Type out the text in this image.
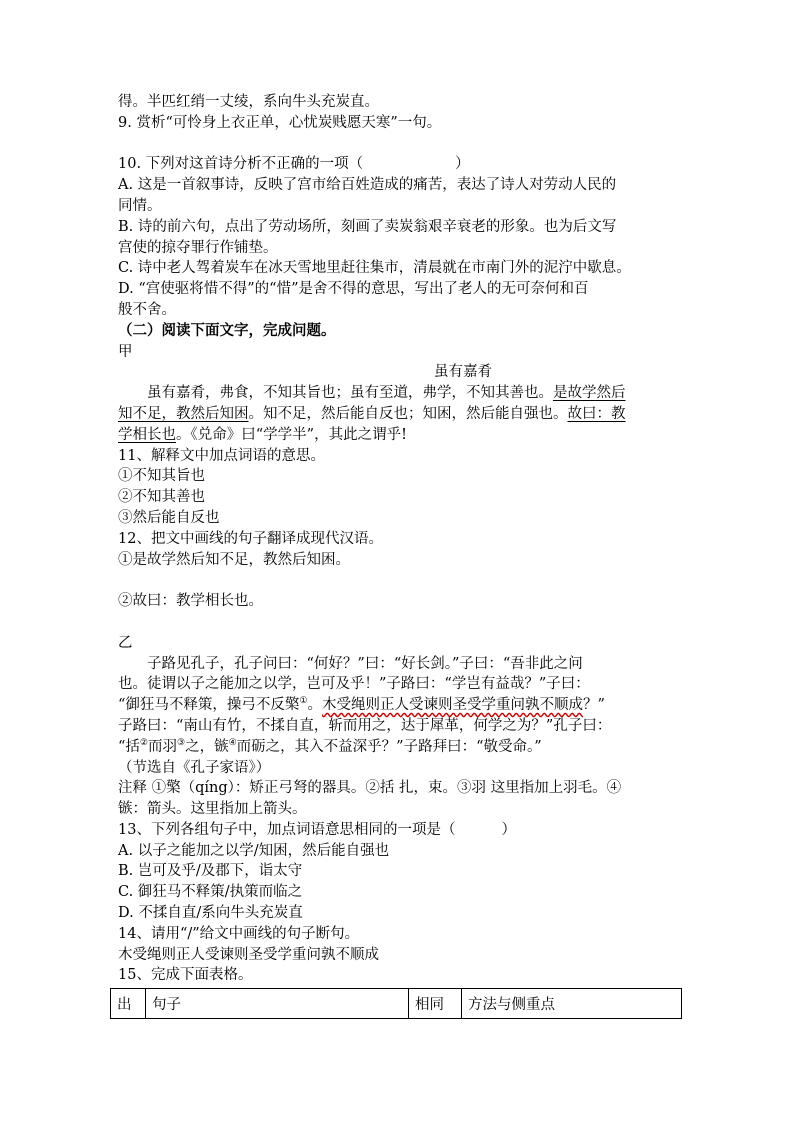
得。半匹红绡一丈绫，系向牛头充炭直。
9. 赏析“可怜身上衣正单，心忧炭贱愿天寒”一句。
10. 下列对这首诗分析不正确的一项（	）
A. 这是一首叙事诗，反映了宫市给百姓造成的痛苦，表达了诗人对劳动人民的
同情。
B. 诗的前六句，点出了劳动场所，刻画了卖炭翁艰辛衰老的形象。也为后文写
宫使的掠夺罪行作铺垫。
C. 诗中老人驾着炭车在冰天雪地里赶往集市，清晨就在市南门外的泥泞中歇息。
D. “宫使驱将惜不得”的“惜”是舍不得的意思，写出了老人的无可奈何和百
般不舍。
（二）阅读下面文字，完成问题。
甲
虽有嘉肴
虽有嘉肴，弗食，不知其旨也；虽有至道，弗学，不知其善也。是故学然后
知不足，教然后知困。知不足，然后能自反也；知困，然后能自强也。故曰：教
学相长也。《兑命》曰“学学半”，其此之谓乎!
11、解释文中加点词语的意思。
①不知其旨也
②不知其善也
③然后能自反也
12、把文中画线的句子翻译成现代汉语。
①是故学然后知不足，教然后知困。
②故曰：教学相长也。
乙
子路见孔子，孔子问曰：“何好？”曰：“好长剑。”子曰：“吾非此之问
也。徒谓以子之能加之以学，岂可及乎！”子路曰：“学岂有益哉？”子曰：
“御狂马不释策，操弓不反檠①。木受绳则正人受谏则圣受学重问孰不顺成？”
子路曰：“南山有竹，不揉自直，斩而用之，达于犀革，何学之为？”孔子曰：
“括②而羽③之，镞④而砺之，其入不益深乎？”子路拜曰：“敬受命。”
（节选自《孔子家语》）
注释 ①檠（qíng）：矫正弓弩的器具。②括 扎，束。③羽 这里指加上羽毛。④
镞：箭头。这里指加上箭头。
13、下列各组句子中，加点词语意思相同的一项是（	）
A. 以子之能加之以学/知困，然后能自强也
B. 岂可及乎/及郡下，诣太守
C. 御狂马不释策/执策而临之
D. 不揉自直/系向牛头充炭直
14、请用“/”给文中画线的句子断句。
木受绳则正人受谏则圣受学重问孰不顺成
15、完成下面表格。
出	句子	相同	方法与侧重点
